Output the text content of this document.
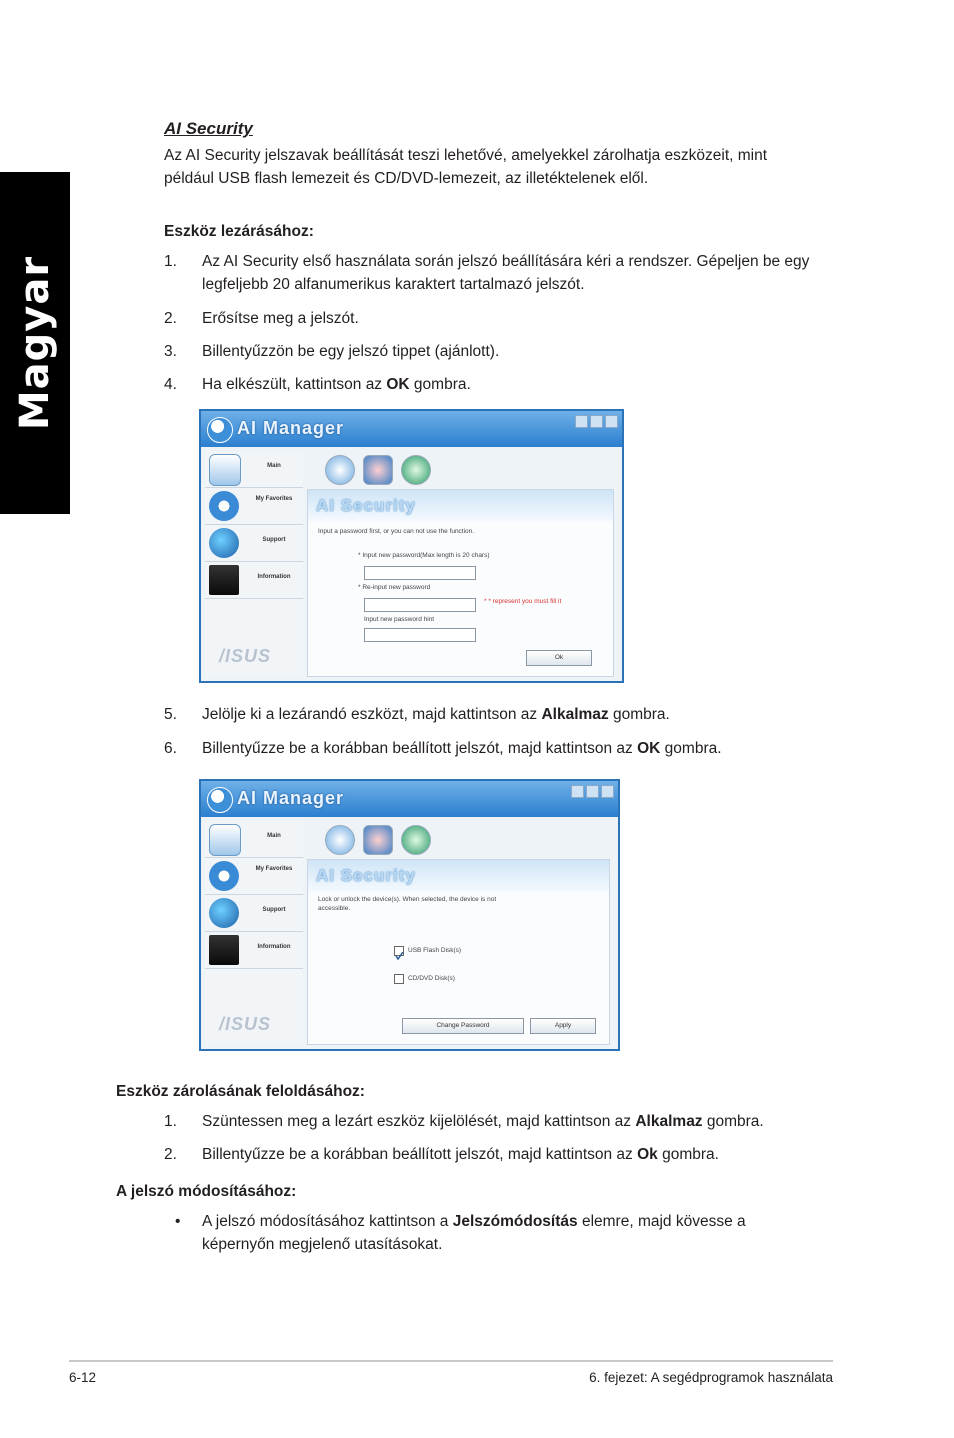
Magyar
AI Security
Az AI Security jelszavak beállítását teszi lehetővé, amelyekkel zárolhatja eszközeit, mint
például USB flash lemezeit és CD/DVD-lemezeit, az illetéktelenek elől.
Eszköz lezárásához:
1. Az AI Security első használata során jelszó beállítására kéri a rendszer. Gépeljen be egy
legfeljebb 20 alfanumerikus karaktert tartalmazó jelszót.
2. Erősítse meg a jelszót.
3. Billentyűzzön be egy jelszó tippet (ajánlott).
4. Ha elkészült, kattintson az OK gombra.
AI Manager
Main
My Favorites
Support
Information
/ISUS
AI Security
Input a password first, or you can not use the function.
* Input new password(Max length is 20 chars)
* Re-input new password
* * represent you must fill it
Input new password hint
Ok
5. Jelölje ki a lezárandó eszközt, majd kattintson az Alkalmaz gombra.
6. Billentyűzze be a korábban beállított jelszót, majd kattintson az OK gombra.
AI Manager
Main
My Favorites
Support
Information
/ISUS
AI Security
Lock or unlock the device(s). When selected, the device is not
accessible.
USB Flash Disk(s)
CD/DVD Disk(s)
Change Password	Apply
Eszköz zárolásának feloldásához:
1. Szüntessen meg a lezárt eszköz kijelölését, majd kattintson az Alkalmaz gombra.
2. Billentyűzze be a korábban beállított jelszót, majd kattintson az Ok gombra.
A jelszó módosításához:
• A jelszó módosításához kattintson a Jelszómódosítás elemre, majd kövesse a
képernyőn megjelenő utasításokat.
6-12	6. fejezet: A segédprogramok használata
